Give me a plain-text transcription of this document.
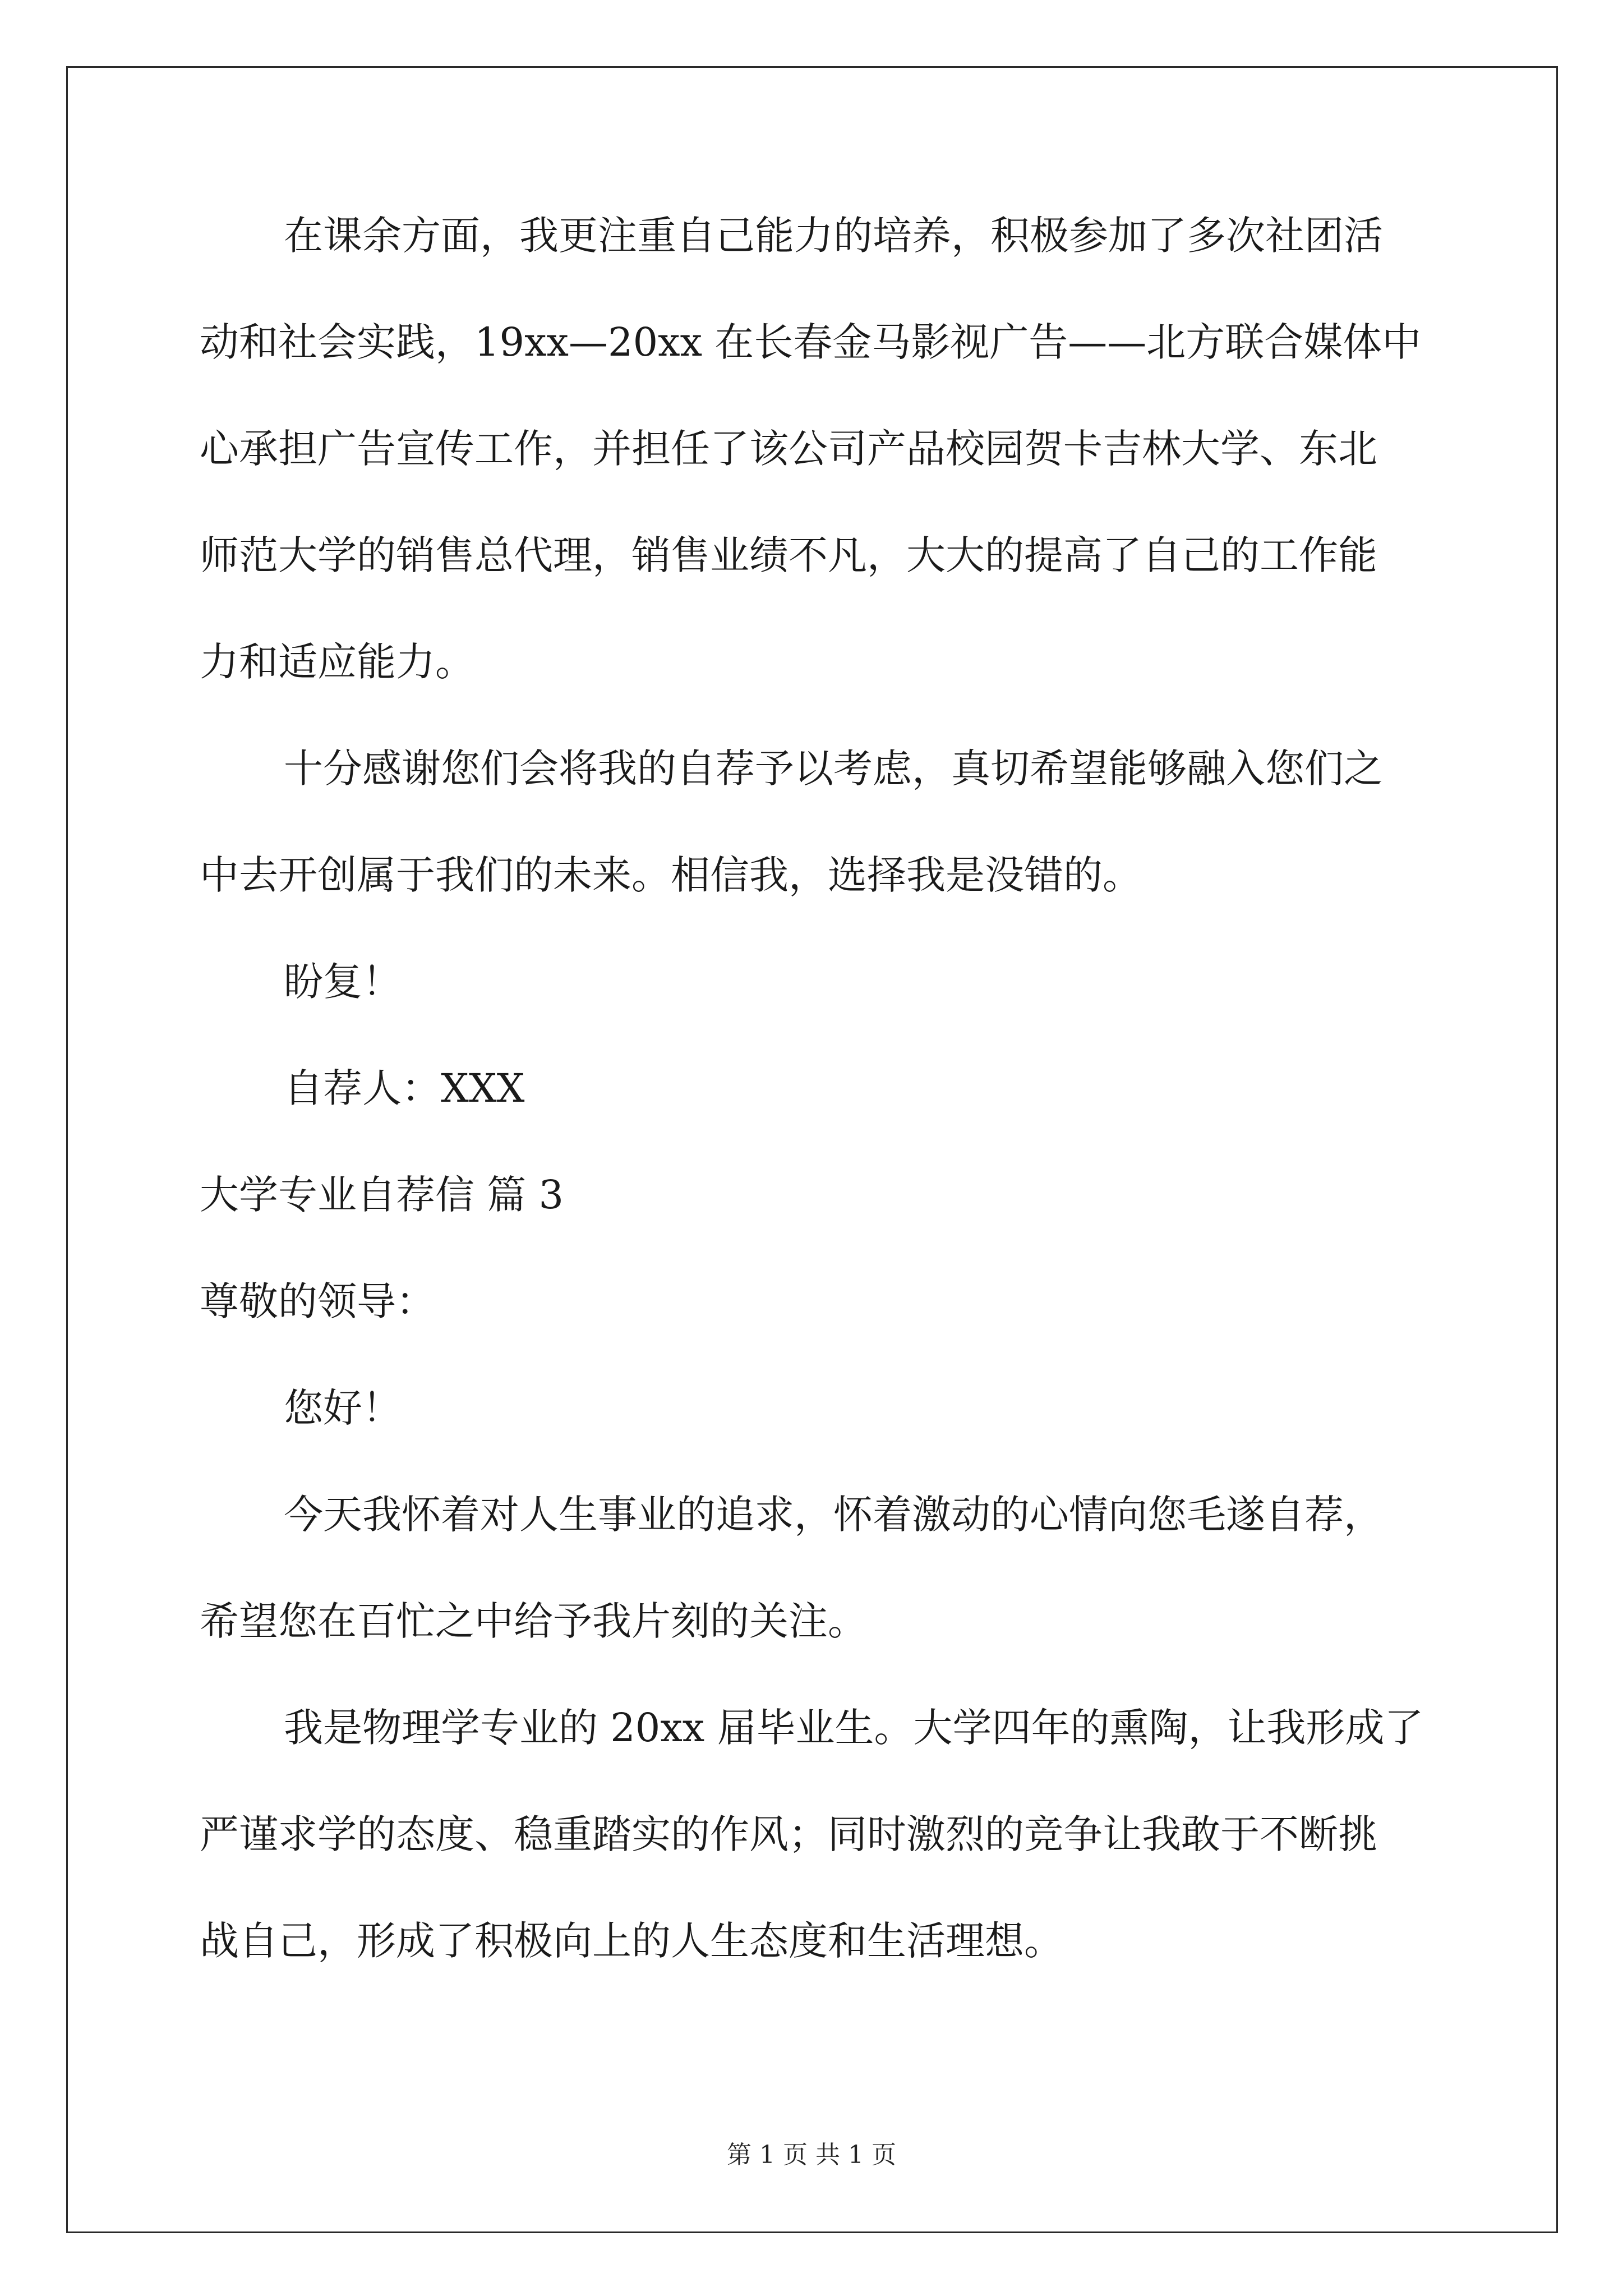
在课余方面，我更注重自己能力的培养，积极参加了多次社团活
动和社会实践，19xx—20xx 在长春金马影视广告——北方联合媒体中
心承担广告宣传工作，并担任了该公司产品校园贺卡吉林大学、东北
师范大学的销售总代理，销售业绩不凡，大大的提高了自己的工作能
力和适应能力。
十分感谢您们会将我的自荐予以考虑，真切希望能够融入您们之
中去开创属于我们的未来。相信我，选择我是没错的。
盼复！
自荐人：XXX
大学专业自荐信 篇 3
尊敬的领导：
您好！
今天我怀着对人生事业的追求，怀着激动的心情向您毛遂自荐，
希望您在百忙之中给予我片刻的关注。
我是物理学专业的 20xx 届毕业生。大学四年的熏陶，让我形成了
严谨求学的态度、稳重踏实的作风；同时激烈的竞争让我敢于不断挑
战自己，形成了积极向上的人生态度和生活理想。
第 1 页 共 1 页
